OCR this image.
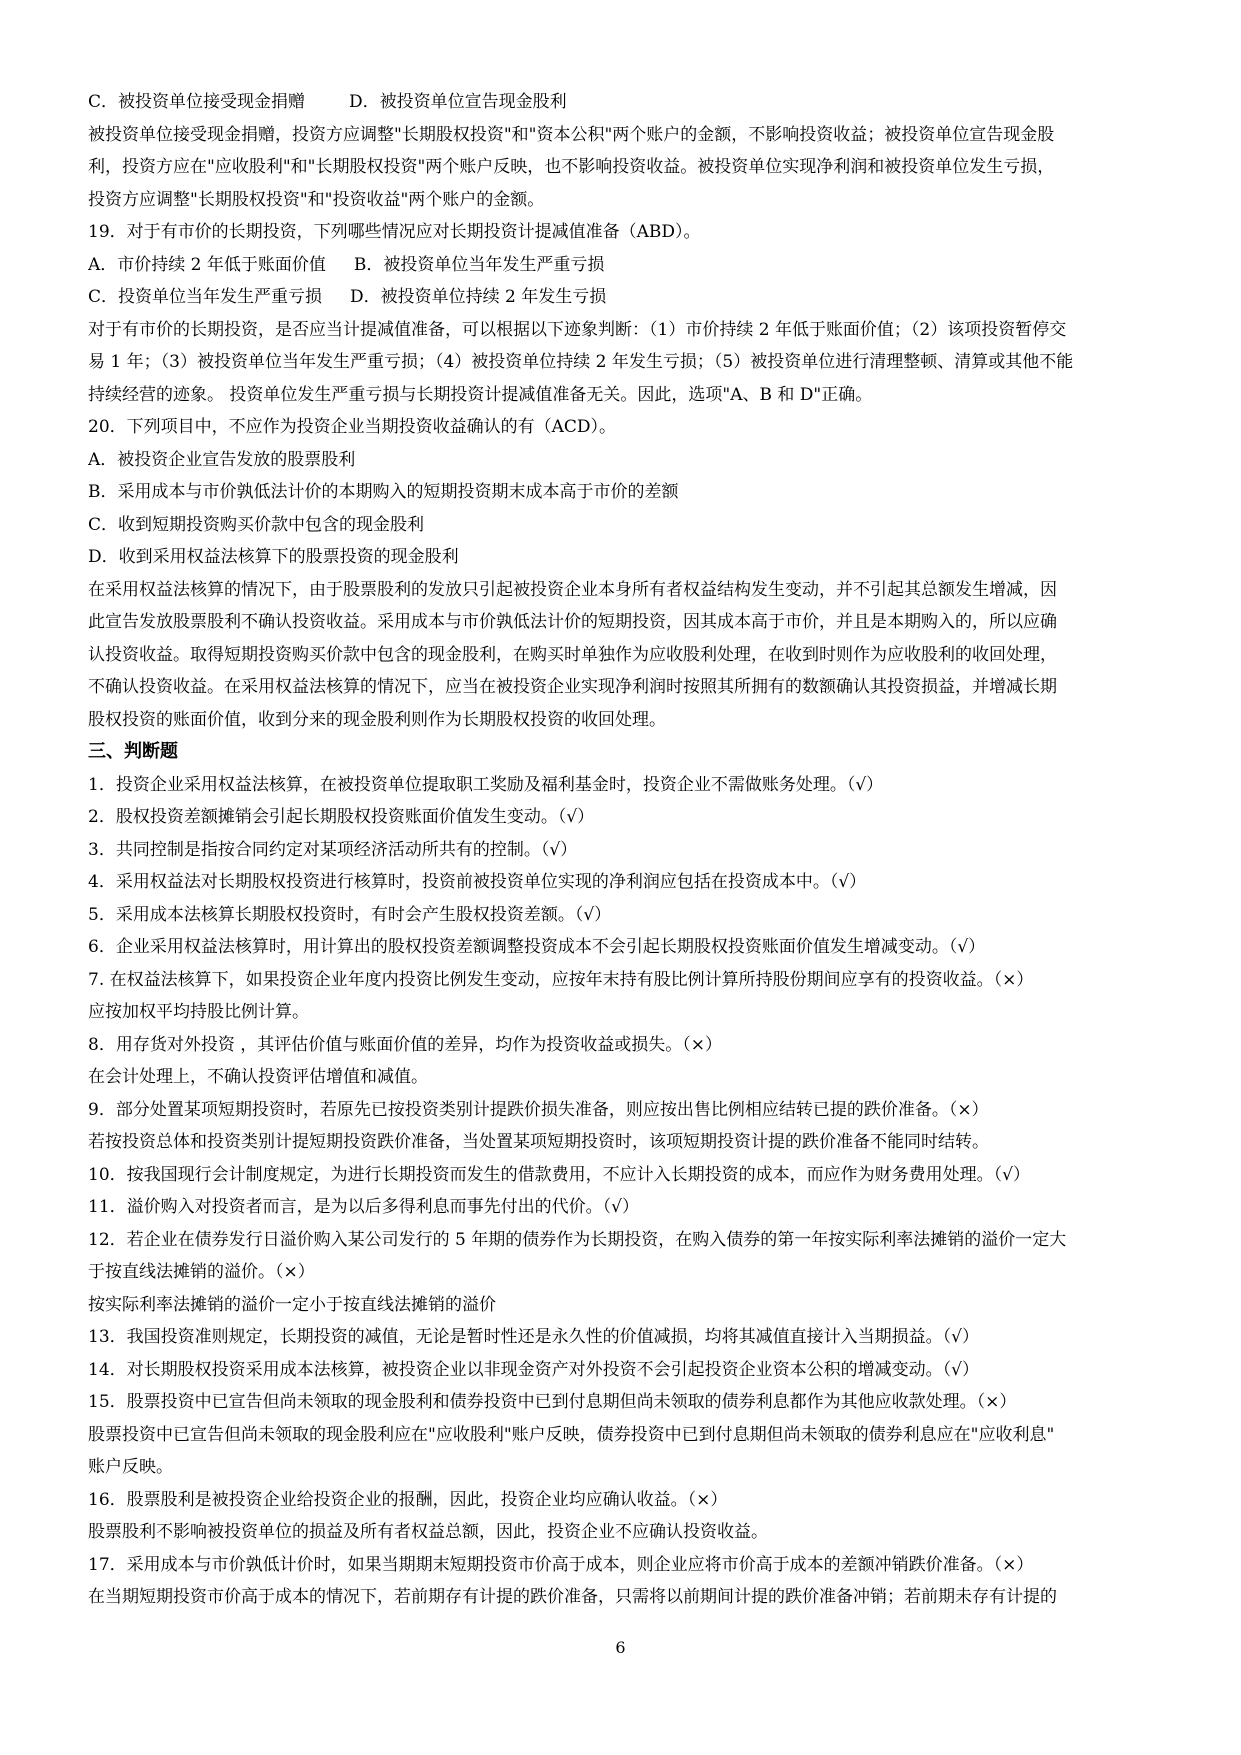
C．被投资单位接受现金捐赠	D．被投资单位宣告现金股利
被投资单位接受现金捐赠，投资方应调整"长期股权投资"和"资本公积"两个账户的金额，不影响投资收益；被投资单位宣告现金股
利，投资方应在"应收股利"和"长期股权投资"两个账户反映，也不影响投资收益。被投资单位实现净利润和被投资单位发生亏损，
投资方应调整"长期股权投资"和"投资收益"两个账户的金额。
19．对于有市价的长期投资，下列哪些情况应对长期投资计提减值准备（ABD）。
A．市价持续 2 年低于账面价值 B．被投资单位当年发生严重亏损
C．投资单位当年发生严重亏损 D．被投资单位持续 2 年发生亏损
对于有市价的长期投资，是否应当计提减值准备，可以根据以下迹象判断：（1）市价持续 2 年低于账面价值；（2）该项投资暂停交
易 1 年；（3）被投资单位当年发生严重亏损；（4）被投资单位持续 2 年发生亏损；（5）被投资单位进行清理整顿、清算或其他不能
持续经营的迹象。 投资单位发生严重亏损与长期投资计提减值准备无关。因此，选项"A、B 和 D"正确。
20．下列项目中，不应作为投资企业当期投资收益确认的有（ACD）。
A．被投资企业宣告发放的股票股利
B．采用成本与市价孰低法计价的本期购入的短期投资期末成本高于市价的差额
C．收到短期投资购买价款中包含的现金股利
D．收到采用权益法核算下的股票投资的现金股利
在采用权益法核算的情况下，由于股票股利的发放只引起被投资企业本身所有者权益结构发生变动，并不引起其总额发生增减，因
此宣告发放股票股利不确认投资收益。采用成本与市价孰低法计价的短期投资，因其成本高于市价，并且是本期购入的，所以应确
认投资收益。取得短期投资购买价款中包含的现金股利，在购买时单独作为应收股利处理，在收到时则作为应收股利的收回处理，
不确认投资收益。在采用权益法核算的情况下，应当在被投资企业实现净利润时按照其所拥有的数额确认其投资损益，并增减长期
股权投资的账面价值，收到分来的现金股利则作为长期股权投资的收回处理。
三、判断题
1．投资企业采用权益法核算，在被投资单位提取职工奖励及福利基金时，投资企业不需做账务处理。（√）
2．股权投资差额摊销会引起长期股权投资账面价值发生变动。（√）
3．共同控制是指按合同约定对某项经济活动所共有的控制。（√）
4．采用权益法对长期股权投资进行核算时，投资前被投资单位实现的净利润应包括在投资成本中。（√）
5．采用成本法核算长期股权投资时，有时会产生股权投资差额。（√）
6．企业采用权益法核算时，用计算出的股权投资差额调整投资成本不会引起长期股权投资账面价值发生增减变动。（√）
7. 在权益法核算下，如果投资企业年度内投资比例发生变动，应按年末持有股比例计算所持股份期间应享有的投资收益。（×）
应按加权平均持股比例计算。
8．用存货对外投资 ，其评估价值与账面价值的差异，均作为投资收益或损失。（×）
在会计处理上，不确认投资评估增值和减值。
9．部分处置某项短期投资时，若原先已按投资类别计提跌价损失准备，则应按出售比例相应结转已提的跌价准备。（×）
若按投资总体和投资类别计提短期投资跌价准备，当处置某项短期投资时，该项短期投资计提的跌价准备不能同时结转。
10．按我国现行会计制度规定，为进行长期投资而发生的借款费用，不应计入长期投资的成本，而应作为财务费用处理。（√）
11．溢价购入对投资者而言，是为以后多得利息而事先付出的代价。（√）
12．若企业在债券发行日溢价购入某公司发行的 5 年期的债券作为长期投资，在购入债券的第一年按实际利率法摊销的溢价一定大
于按直线法摊销的溢价。（×）
按实际利率法摊销的溢价一定小于按直线法摊销的溢价
13．我国投资准则规定，长期投资的减值，无论是暂时性还是永久性的价值减损，均将其减值直接计入当期损益。（√）
14．对长期股权投资采用成本法核算，被投资企业以非现金资产对外投资不会引起投资企业资本公积的增减变动。（√）
15．股票投资中已宣告但尚未领取的现金股利和债券投资中已到付息期但尚未领取的债券利息都作为其他应收款处理。（×）
股票投资中已宣告但尚未领取的现金股利应在"应收股利"账户反映，债券投资中已到付息期但尚未领取的债券利息应在"应收利息"
账户反映。
16．股票股利是被投资企业给投资企业的报酬，因此，投资企业均应确认收益。（×）
股票股利不影响被投资单位的损益及所有者权益总额，因此，投资企业不应确认投资收益。
17．采用成本与市价孰低计价时，如果当期期末短期投资市价高于成本，则企业应将市价高于成本的差额冲销跌价准备。（×）
在当期短期投资市价高于成本的情况下，若前期存有计提的跌价准备，只需将以前期间计提的跌价准备冲销；若前期未存有计提的
6
